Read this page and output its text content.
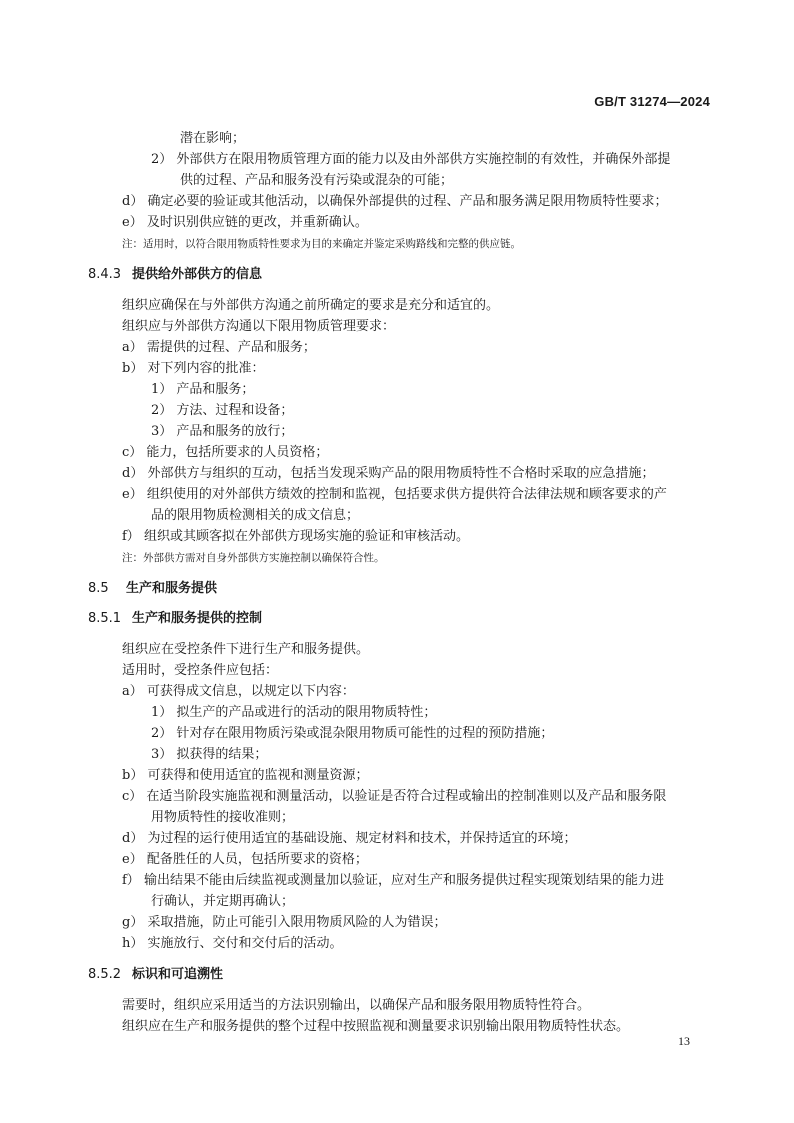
GB/T 31274—2024
潜在影响；
2） 外部供方在限用物质管理方面的能力以及由外部供方实施控制的有效性，并确保外部提
供的过程、产品和服务没有污染或混杂的可能；
d） 确定必要的验证或其他活动，以确保外部提供的过程、产品和服务满足限用物质特性要求；
e） 及时识别供应链的更改，并重新确认。
注：适用时，以符合限用物质特性要求为目的来确定并鉴定采购路线和完整的供应链。
8.4.3 提供给外部供方的信息
组织应确保在与外部供方沟通之前所确定的要求是充分和适宜的。
组织应与外部供方沟通以下限用物质管理要求：
a） 需提供的过程、产品和服务；
b） 对下列内容的批准：
1） 产品和服务；
2） 方法、过程和设备；
3） 产品和服务的放行；
c） 能力，包括所要求的人员资格；
d） 外部供方与组织的互动，包括当发现采购产品的限用物质特性不合格时采取的应急措施；
e） 组织使用的对外部供方绩效的控制和监视，包括要求供方提供符合法律法规和顾客要求的产
品的限用物质检测相关的成文信息；
f） 组织或其顾客拟在外部供方现场实施的验证和审核活动。
注：外部供方需对自身外部供方实施控制以确保符合性。
8.5 生产和服务提供
8.5.1 生产和服务提供的控制
组织应在受控条件下进行生产和服务提供。
适用时，受控条件应包括：
a） 可获得成文信息，以规定以下内容：
1） 拟生产的产品或进行的活动的限用物质特性；
2） 针对存在限用物质污染或混杂限用物质可能性的过程的预防措施；
3） 拟获得的结果；
b） 可获得和使用适宜的监视和测量资源；
c） 在适当阶段实施监视和测量活动，以验证是否符合过程或输出的控制准则以及产品和服务限
用物质特性的接收准则；
d） 为过程的运行使用适宜的基础设施、规定材料和技术，并保持适宜的环境；
e） 配备胜任的人员，包括所要求的资格；
f） 输出结果不能由后续监视或测量加以验证，应对生产和服务提供过程实现策划结果的能力进
行确认，并定期再确认；
g） 采取措施，防止可能引入限用物质风险的人为错误；
h） 实施放行、交付和交付后的活动。
8.5.2 标识和可追溯性
需要时，组织应采用适当的方法识别输出，以确保产品和服务限用物质特性符合。
组织应在生产和服务提供的整个过程中按照监视和测量要求识别输出限用物质特性状态。
13
